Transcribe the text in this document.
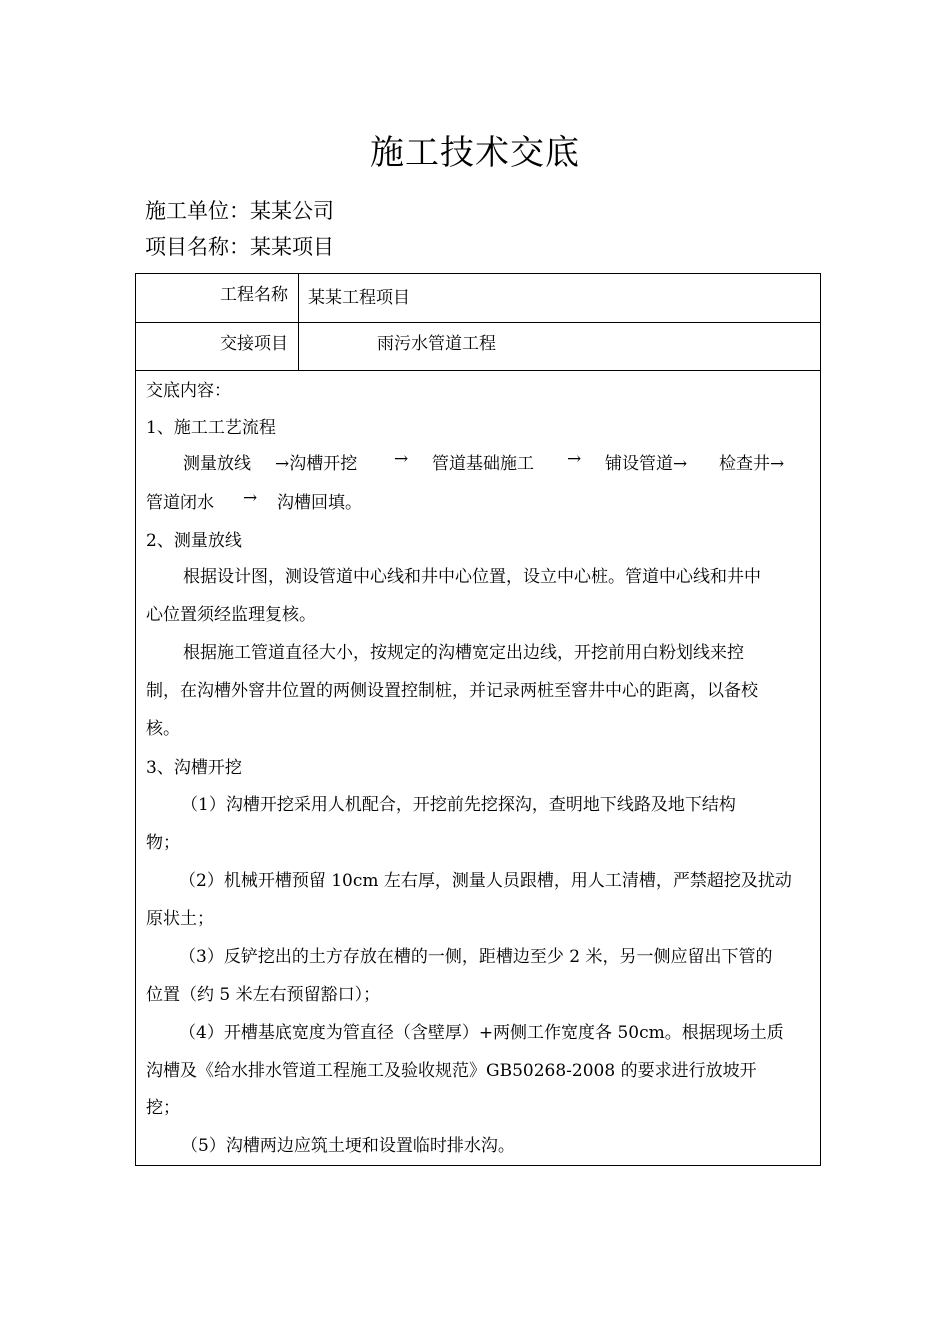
施工技术交底
施工单位：某某公司
项目名称：某某项目
工程名称 某某工程项目
交接项目	雨污水管道工程
交底内容：
1、施工工艺流程
测量放线 →沟槽开挖 → 管道基础施工 → 铺设管道→ 检查井→
管道闭水 → 沟槽回填。
2、测量放线
根据设计图，测设管道中心线和井中心位置，设立中心桩。管道中心线和井中
心位置须经监理复核。
根据施工管道直径大小，按规定的沟槽宽定出边线，开挖前用白粉划线来控
制，在沟槽外窨井位置的两侧设置控制桩，并记录两桩至窨井中心的距离，以备校
核。
3、沟槽开挖
（1）沟槽开挖采用人机配合，开挖前先挖探沟，查明地下线路及地下结构
物；
（2）机械开槽预留 10cm 左右厚，测量人员跟槽，用人工清槽，严禁超挖及扰动
原状土；
（3）反铲挖出的土方存放在槽的一侧，距槽边至少 2 米，另一侧应留出下管的
位置（约 5 米左右预留豁口）；
（4）开槽基底宽度为管直径（含壁厚）+两侧工作宽度各 50cm。根据现场土质
沟槽及《给水排水管道工程施工及验收规范》GB50268-2008 的要求进行放坡开
挖；
（5）沟槽两边应筑土埂和设置临时排水沟。
